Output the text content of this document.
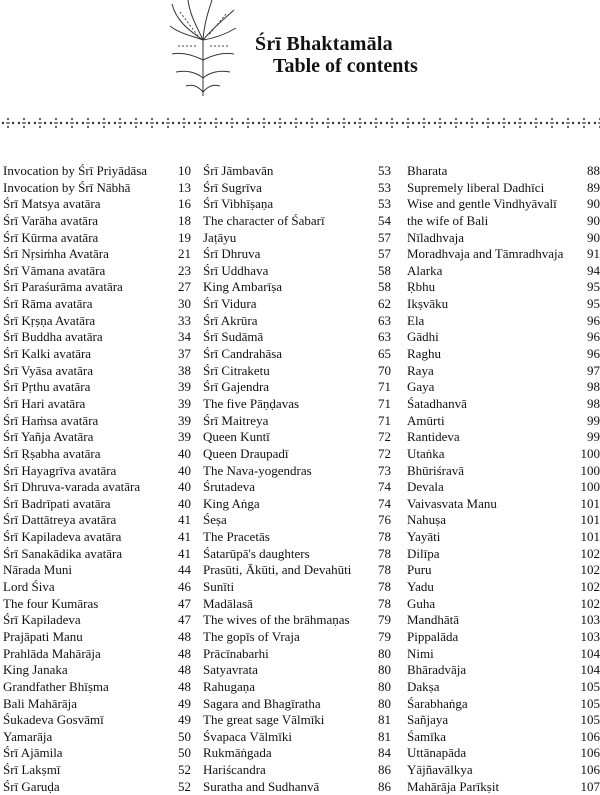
Śrī Bhaktamāla
Table of contents
Invocation by Śrī Priyādāsa 10
Invocation by Śrī Nābhā	13
Śrī Matsya avatāra	16
Śrī Varāha avatāra	18
Śrī Kūrma avatāra	19
Śrī Nṛsiṁha Avatāra	21
Śrī Vāmana avatāra	23
Śrī Paraśurāma avatāra	27
Śrī Rāma avatāra	30
Śrī Kṛṣṇa Avatāra	33
Śrī Buddha avatāra	34
Śrī Kalki avatāra	37
Śrī Vyāsa avatāra	38
Śrī Pṛthu avatāra	39
Śrī Hari avatāra	39
Śrī Haṁsa avatāra	39
Śrī Yañja Avatāra	39
Śrī Ṛṣabha avatāra	40
Śrī Hayagrīva avatāra	40
Śrī Dhruva-varada avatāra	40
Śrī Badrīpati avatāra	40
Śrī Dattātreya avatāra	41
Śrī Kapiladeva avatāra	41
Śrī Sanakādika avatāra	41
Nārada Muni	44
Lord Śiva	46
The four Kumāras	47
Śrī Kapiladeva	47
Prajāpati Manu	48
Prahlāda Mahārāja	48
King Janaka	48
Grandfather Bhīṣma	48
Bali Mahārāja	49
Śukadeva Gosvāmī	49
Yamarāja	50
Śrī Ajāmila	50
Śrī Lakṣmī	52
Śrī Garuḍa	52
Śrī Jāmbavān	53
Śrī Sugrīva	53
Śrī Vibhīṣaṇa	53
The character of Śabarī	54
Jaṭāyu	57
Śrī Dhruva	57
Śrī Uddhava	58
King Ambarīṣa	58
Śrī Vidura	62
Śrī Akrūra	63
Śrī Sudāmā	63
Śrī Candrahāsa	65
Śrī Citraketu	70
Śrī Gajendra	71
The five Pāṇḍavas	71
Śrī Maitreya	71
Queen Kuntī	72
Queen Draupadī	72
The Nava-yogendras	73
Śrutadeva	74
King Aṅga	74
Śeṣa	76
The Pracetās	78
Śatarūpā's daughters	78
Prasūti, Ākūti, and Devahūti 78
Sunīti	78
Madālasā	78
The wives of the brāhmaṇas 79
The gopīs of Vraja	79
Prācīnabarhi	80
Satyavrata	80
Rahugaṇa	80
Sagara and Bhagīratha	80
The great sage Vālmīki	81
Śvapaca Vālmīki	81
Rukmāṅgada	84
Hariścandra	86
Suratha and Sudhanvā	86
Bharata	88
Supremely liberal Dadhīci	89
Wise and gentle Vindhyāvalī 90
the wife of Bali	90
Nīladhvaja	90
Moradhvaja and Tāmradhvaja 91
Alarka	94
Ṛbhu	95
Ikṣvāku	95
Ela	96
Gādhi	96
Raghu	96
Raya	97
Gaya	98
Śatadhanvā	98
Amūrti	99
Rantideva	99
Utaṅka	100
Bhūriśravā	100
Devala	100
Vaivasvata Manu	101
Nahuṣa	101
Yayāti	101
Dilīpa	102
Puru	102
Yadu	102
Guha	102
Mandhātā	103
Pippalāda	103
Nimi	104
Bhāradvāja	104
Dakṣa	105
Śarabhaṅga	105
Sañjaya	105
Śamīka	106
Uttānapāda	106
Yājñavālkya	106
Mahārāja Parīkṣit	107
